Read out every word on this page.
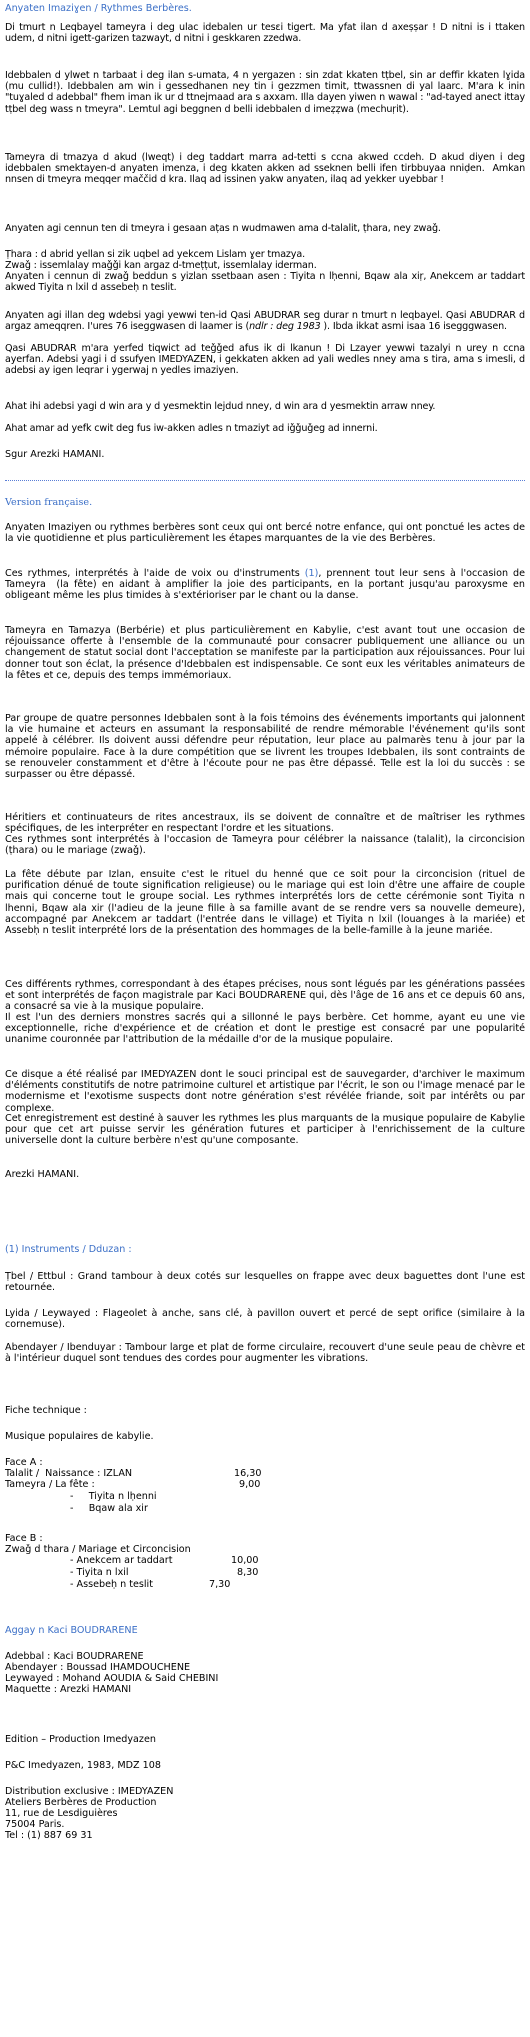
Anyaten Imaziɣen / Rythmes Berbères.
Di tmurt n Leqbayel tameyra i deg ulac idebalen ur tesɛi tigert. Ma yfat ilan d axeṣṣar ! D nitni is i ttaken udem, d nitni igett-garizen tazwayt, d nitni i geskkaren zzedwa.
Idebbalen d ylwet n tarbaat i deg ilan s-umata, 4 n yergazen : sin zdat kkaten tṭbel, sin ar deffir kkaten lɣida (mu cullid!). Idebbalen am win i gessedhanen ney tin i gezzmen timit, ttwassnen di yal laarc. M'ara k inin "tuɣaled d adebbal" fhem iman ik ur d ttnejmaad ara s axxam. Illa dayen yiwen n wawal : "ad-tayed anect ittay tṭbel deg wass n tmeyra". Lemtul agi beggnen d belli idebbalen d imeẓẓwa (mechuṛit).
Tameyra di tmazya d akud (lweqt) i deg taddart marra ad-tetti s ccna akwed ccdeh. D akud diyen i deg idebbalen smektayen-d anyaten imenza, i deg kkaten akken ad sseknen belli ifen tirbbuyaa nniḍen.  Amkan nnsen di tmeyra meqqer maččid d kra. Ilaq ad issinen yakw anyaten, ilaq ad yekker uyebbar !
Anyaten agi cennun ten di tmeyra i gesaan aṭas n wudmawen ama d-talalit, ṭhara, ney zwaǧ.
Ṭhara : d abrid yellan si zik uqbel ad yekcem Lislam ɣer tmazya.
Zwaǧ : issemlalay maǧǧi kan argaz d-tmeṭṭut, issemlalay iderman.
Anyaten i cennun di zwaǧ beddun s yizlan ssetbaan asen : Tiyita n lḥenni, Bqaw ala xiṛ, Anekcem ar taddart akwed Tiyita n lxil d assebeḥ n teslit.
Anyaten agi illan deg wdebsi yagi yewwi ten-id Qasi ABUDRAR seg durar n tmurt n leqbayel. Qasi ABUDRAR d argaz ameqqren. I'ures 76 iseggwasen di laamer is (ndlr : deg 1983 ). Ibda ikkat asmi isaa 16 isegggwasen.
Qasi ABUDRAR m'ara yerfed tiqwict ad teǧǧed afus ik di lkanun ! Di Lzayer yewwi tazalyi n urey n ccna ayerfan. Adebsi yagi i d ssufyen IMEDYAZEN, i gekkaten akken ad yali wedles nney ama s tira, ama s imesli, d adebsi ay igen leqrar i ygerwaj n yedles imaziyen.
Ahat ihi adebsi yagi d win ara y d yesmektin lejdud nney, d win ara d yesmektin arraw nney.
Ahat amar ad yefk cwit deg fus iw-akken adles n tmaziyt ad iǧǧuǧeg ad innerni.
Sgur Arezki HAMANI.
Version française.
Anyaten Imaziyen ou rythmes berbères sont ceux qui ont bercé notre enfance, qui ont ponctué les actes de la vie quotidienne et plus particulièrement les étapes marquantes de la vie des Berbères.
Ces rythmes, interprétés à l'aide de voix ou d'instruments (1), prennent tout leur sens à l'occasion de Tameyra  (la fête) en aidant à amplifier la joie des participants, en la portant jusqu'au paroxysme en obligeant même les plus timides à s'extérioriser par le chant ou la danse.
Tameyra en Tamazya (Berbérie) et plus particulièrement en Kabylie, c'est avant tout une occasion de réjouissance offerte à l'ensemble de la communauté pour consacrer publiquement une alliance ou un changement de statut social dont l'acceptation se manifeste par la participation aux réjouissances. Pour lui donner tout son éclat, la présence d'Idebbalen est indispensable. Ce sont eux les véritables animateurs de la fêtes et ce, depuis des temps immémoriaux.
Par groupe de quatre personnes Idebbalen sont à la fois témoins des événements importants qui jalonnent la vie humaine et acteurs en assumant la responsabilité de rendre mémorable l'événement qu'ils sont appelé à célébrer. Ils doivent aussi défendre peur réputation, leur place au palmarès tenu à jour par la mémoire populaire. Face à la dure compétition que se livrent les troupes Idebbalen, ils sont contraints de se renouveler constamment et d'être à l'écoute pour ne pas être dépassé. Telle est la loi du succès : se surpasser ou être dépassé.
Héritiers et continuateurs de rites ancestraux, ils se doivent de connaître et de maîtriser les rythmes spécifiques, de les interpréter en respectant l'ordre et les situations.
Ces rythmes sont interprétés à l'occasion de Tameyra pour célébrer la naissance (talalit), la circoncision (ṭhara) ou le mariage (zwaǧ).
La fête débute par Izlan, ensuite c'est le rituel du henné que ce soit pour la circoncision (rituel de purification dénué de toute signification religieuse) ou le mariage qui est loin d'être une affaire de couple mais qui concerne tout le groupe social. Les rythmes interprétés lors de cette cérémonie sont Tiyita n lhenni, Bqaw ala xir (l'adieu de la jeune fille à sa famille avant de se rendre vers sa nouvelle demeure), accompagné par Anekcem ar taddart (l'entrée dans le village) et Tiyita n lxil (louanges à la mariée) et Assebḥ n teslit interprété lors de la présentation des hommages de la belle-famille à la jeune mariée.
Ces différents rythmes, correspondant à des étapes précises, nous sont légués par les générations passées et sont interprétés de façon magistrale par Kaci BOUDRARENE qui, dès l'âge de 16 ans et ce depuis 60 ans, a consacré sa vie à la musique populaire.
Il est l'un des derniers monstres sacrés qui a sillonné le pays berbère. Cet homme, ayant eu une vie exceptionnelle, riche d'expérience et de création et dont le prestige est consacré par une popularité unanime couronnée par l'attribution de la médaille d'or de la musique populaire.
Ce disque a été réalisé par IMEDYAZEN dont le souci principal est de sauvegarder, d'archiver le maximum d'éléments constitutifs de notre patrimoine culturel et artistique par l'écrit, le son ou l'image menacé par le modernisme et l'exotisme suspects dont notre génération s'est révélée friande, soit par intérêts ou par complexe.
Cet enregistrement est destiné à sauver les rythmes les plus marquants de la musique populaire de Kabylie pour que cet art puisse servir les génération futures et participer à l'enrichissement de la culture universelle dont la culture berbère n'est qu'une composante.
Arezki HAMANI.
(1) Instruments / Dduzan :
Ṭbel / Ettbul : Grand tambour à deux cotés sur lesquelles on frappe avec deux baguettes dont l'une est retournée.
Lyida / Leywayed : Flageolet à anche, sans clé, à pavillon ouvert et percé de sept orifice (similaire à la cornemuse).
Abendayer / Ibenduyar : Tambour large et plat de forme circulaire, recouvert d'une seule peau de chèvre et à l'intérieur duquel sont tendues des cordes pour augmenter les vibrations.
Fiche technique :
Musique populaires de kabylie.
Face A :
Talalit /  Naissance : IZLAN	16,30
Tameyra / La fête :	9,00
-     Tiyita n lḥenni
-     Bqaw ala xir
Face B :
Zwaǧ d thara / Mariage et Circoncision
- Anekcem ar taddart	10,00
- Tiyita n lxil	8,30
- Assebeḥ n teslit	7,30
Aggay n Kaci BOUDRARENE
Adebbal : Kaci BOUDRARENE
Abendayer : Boussad IHAMDOUCHENE
Leywayed : Mohand AOUDIA & Said CHEBINI
Maquette : Arezki HAMANI
Edition – Production Imedyazen
P&C Imedyazen, 1983, MDZ 108
Distribution exclusive : IMEDYAZEN
Ateliers Berbères de Production
11, rue de Lesdiguières
75004 Paris.
Tel : (1) 887 69 31
